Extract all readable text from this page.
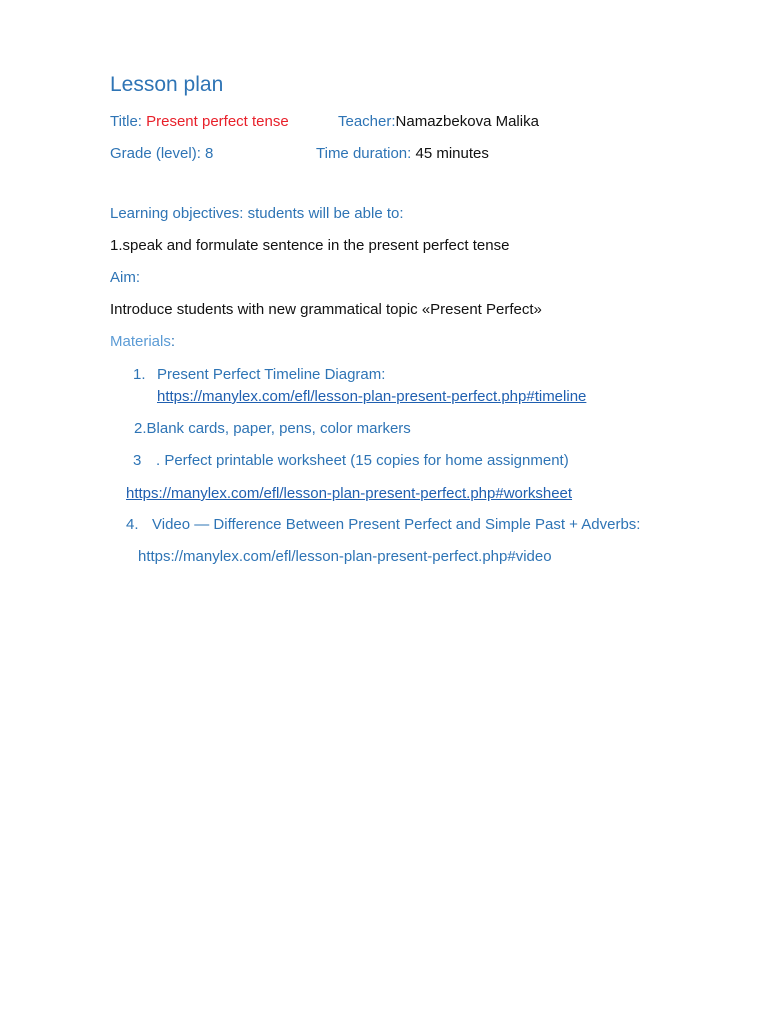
Lesson plan
Title: Present perfect tense	Teacher:Namazbekova Malika
Grade (level): 8	Time duration: 45 minutes
Learning objectives: students will be able to:
1.speak and formulate sentence in the present perfect tense
Aim:
Introduce students with new grammatical topic «Present Perfect»
Materials:
1. Present Perfect Timeline Diagram:
https://manylex.com/efl/lesson-plan-present-perfect.php#timeline
2.Blank cards, paper, pens, color markers
3 . Perfect printable worksheet (15 copies for home assignment)
https://manylex.com/efl/lesson-plan-present-perfect.php#worksheet
4. Video — Difference Between Present Perfect and Simple Past + Adverbs:
https://manylex.com/efl/lesson-plan-present-perfect.php#video
